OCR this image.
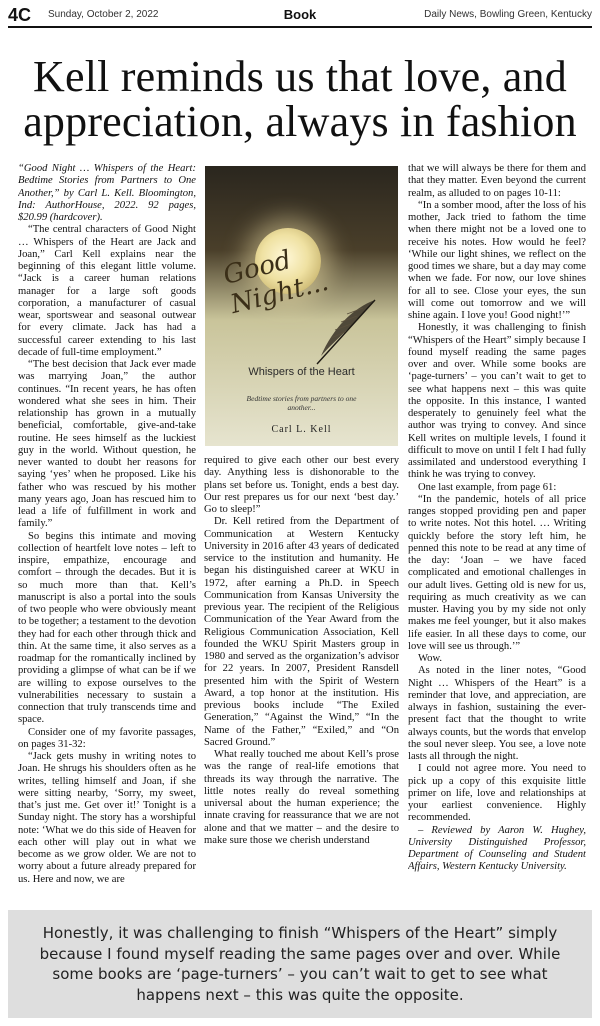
4C Sunday, October 2, 2022	Book	Daily News, Bowling Green, Kentucky
Kell reminds us that love, and appreciation, always in fashion

“Good Night … Whispers of the Heart: Bedtime Stories from Partners to One Another,” by Carl L. Kell. Bloomington, Ind: AuthorHouse, 2022. 92 pages, $20.99 (hardcover).

“The central characters of Good Night … Whispers of the Heart are Jack and Joan,” Carl Kell explains near the beginning of this elegant little volume. “Jack is a career human relations manager for a large soft goods corporation, a manufacturer of casual wear, sportswear and seasonal outwear for every climate. Jack has had a successful career extending to his last decade of full-time employment.”

“The best decision that Jack ever made was marrying Joan,” the author continues. “In recent years, he has often wondered what she sees in him. Their relationship has grown in a mutually beneficial, comfortable, give-and-take routine. He sees himself as the luckiest guy in the world. Without question, he never wanted to doubt her reasons for saying ‘yes’ when he proposed. Like his father who was rescued by his mother many years ago, Joan has rescued him to lead a life of fulfillment in work and family.”

So begins this intimate and moving collection of heartfelt love notes – left to inspire, empathize, encourage and comfort – through the decades. But it is so much more than that. Kell’s manuscript is also a portal into the souls of two people who were obviously meant to be together; a testament to the devotion they had for each other through thick and thin. At the same time, it also serves as a roadmap for the romantically inclined by providing a glimpse of what can be if we are willing to expose ourselves to the vulnerabilities necessary to sustain a connection that truly transcends time and space.

Consider one of my favorite passages, on pages 31-32:

“Jack gets mushy in writing notes to Joan. He shrugs his shoulders often as he writes, telling himself and Joan, if she were sitting nearby, ‘Sorry, my sweet, that’s just me. Get over it!’ Tonight is a Sunday night. The story has a worshipful note: ‘What we do this side of Heaven for each other will play out in what we become as we grow older. We are not to worry about a future already prepared for us. Here and now, we are

Good Night...
Whispers of the Heart
Bedtime stories from partners to one another...
Carl L. Kell

required to give each other our best every day. Anything less is dishonorable to the plans set before us. Tonight, ends a best day. Our rest prepares us for our next ‘best day.’ Go to sleep!”

Dr. Kell retired from the Department of Communication at Western Kentucky University in 2016 after 43 years of dedicated service to the institution and humanity. He began his distinguished career at WKU in 1972, after earning a Ph.D. in Speech Communication from Kansas University the previous year. The recipient of the Religious Communication of the Year Award from the Religious Communication Association, Kell founded the WKU Spirit Masters group in 1980 and served as the organization’s advisor for 22 years. In 2007, President Ransdell presented him with the Spirit of Western Award, a top honor at the institution. His previous books include “The Exiled Generation,” “Against the Wind,” “In the Name of the Father,” “Exiled,” and “On Sacred Ground.”

What really touched me about Kell’s prose was the range of real-life emotions that threads its way through the narrative. The little notes really do reveal something universal about the human experience; the innate craving for reassurance that we are not alone and that we matter – and the desire to make sure those we cherish understand

that we will always be there for them and that they matter. Even beyond the current realm, as alluded to on pages 10-11:

“In a somber mood, after the loss of his mother, Jack tried to fathom the time when there might not be a loved one to receive his notes. How would he feel? ‘While our light shines, we reflect on the good times we share, but a day may come when we fade. For now, our love shines for all to see. Close your eyes, the sun will come out tomorrow and we will shine again. I love you! Good night!’”

Honestly, it was challenging to finish “Whispers of the Heart” simply because I found myself reading the same pages over and over. While some books are ‘page-turners’ – you can’t wait to get to see what happens next – this was quite the opposite. In this instance, I wanted desperately to genuinely feel what the author was trying to convey. And since Kell writes on multiple levels, I found it difficult to move on until I felt I had fully assimilated and understood everything I think he was trying to convey.

One last example, from page 61:

“In the pandemic, hotels of all price ranges stopped providing pen and paper to write notes. Not this hotel. … Writing quickly before the story left him, he penned this note to be read at any time of the day: ‘Joan – we have faced complicated and emotional challenges in our adult lives. Getting old is new for us, requiring as much creativity as we can muster. Having you by my side not only makes me feel younger, but it also makes life easier. In all these days to come, our love will see us through.’”

Wow.

As noted in the liner notes, “Good Night … Whispers of the Heart” is a reminder that love, and appreciation, are always in fashion, sustaining the ever-present fact that the thought to write always counts, but the words that envelop the soul never sleep. You see, a love note lasts all through the night.

I could not agree more. You need to pick up a copy of this exquisite little primer on life, love and relationships at your earliest convenience. Highly recommended.

– Reviewed by Aaron W. Hughey, University Distinguished Professor, Department of Counseling and Student Affairs, Western Kentucky University.

Honestly, it was challenging to finish “Whispers of the Heart” simply because I found myself reading the same pages over and over. While some books are ‘page-turners’ – you can’t wait to get to see what happens next – this was quite the opposite.
